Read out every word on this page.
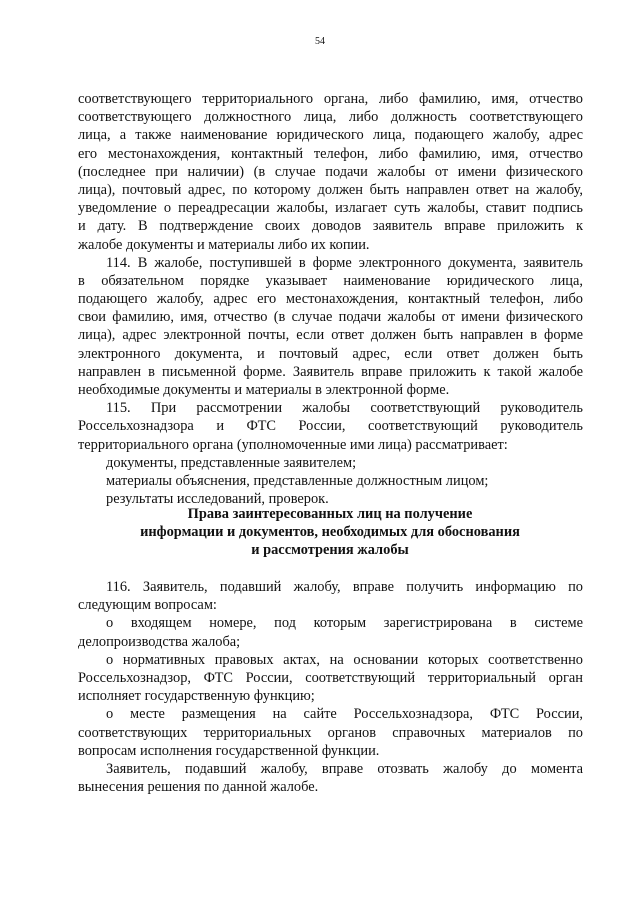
54
соответствующего территориального органа, либо фамилию, имя, отчество
соответствующего должностного лица, либо должность соответствующего
лица, а также наименование юридического лица, подающего жалобу, адрес
его местонахождения, контактный телефон, либо фамилию, имя, отчество
(последнее при наличии) (в случае подачи жалобы от имени физического
лица), почтовый адрес, по которому должен быть направлен ответ на жалобу,
уведомление о переадресации жалобы, излагает суть жалобы, ставит подпись
и дату. В подтверждение своих доводов заявитель вправе приложить к
жалобе документы и материалы либо их копии.
114. В жалобе, поступившей в форме электронного документа, заявитель
в обязательном порядке указывает наименование юридического лица,
подающего жалобу, адрес его местонахождения, контактный телефон, либо
свои фамилию, имя, отчество (в случае подачи жалобы от имени физического
лица), адрес электронной почты, если ответ должен быть направлен в форме
электронного документа, и почтовый адрес, если ответ должен быть
направлен в письменной форме. Заявитель вправе приложить к такой жалобе
необходимые документы и материалы в электронной форме.
115. При рассмотрении жалобы соответствующий руководитель
Россельхознадзора и ФТС России, соответствующий руководитель
территориального органа (уполномоченные ими лица) рассматривает:
документы, представленные заявителем;
материалы объяснения, представленные должностным лицом;
результаты исследований, проверок.
Права заинтересованных лиц на получение
информации и документов, необходимых для обоснования
и рассмотрения жалобы
116. Заявитель, подавший жалобу, вправе получить информацию по
следующим вопросам:
о входящем номере, под которым зарегистрирована в системе
делопроизводства жалоба;
о нормативных правовых актах, на основании которых соответственно
Россельхознадзор, ФТС России, соответствующий территориальный орган
исполняет государственную функцию;
о месте размещения на сайте Россельхознадзора, ФТС России,
соответствующих территориальных органов справочных материалов по
вопросам исполнения государственной функции.
Заявитель, подавший жалобу, вправе отозвать жалобу до момента
вынесения решения по данной жалобе.
